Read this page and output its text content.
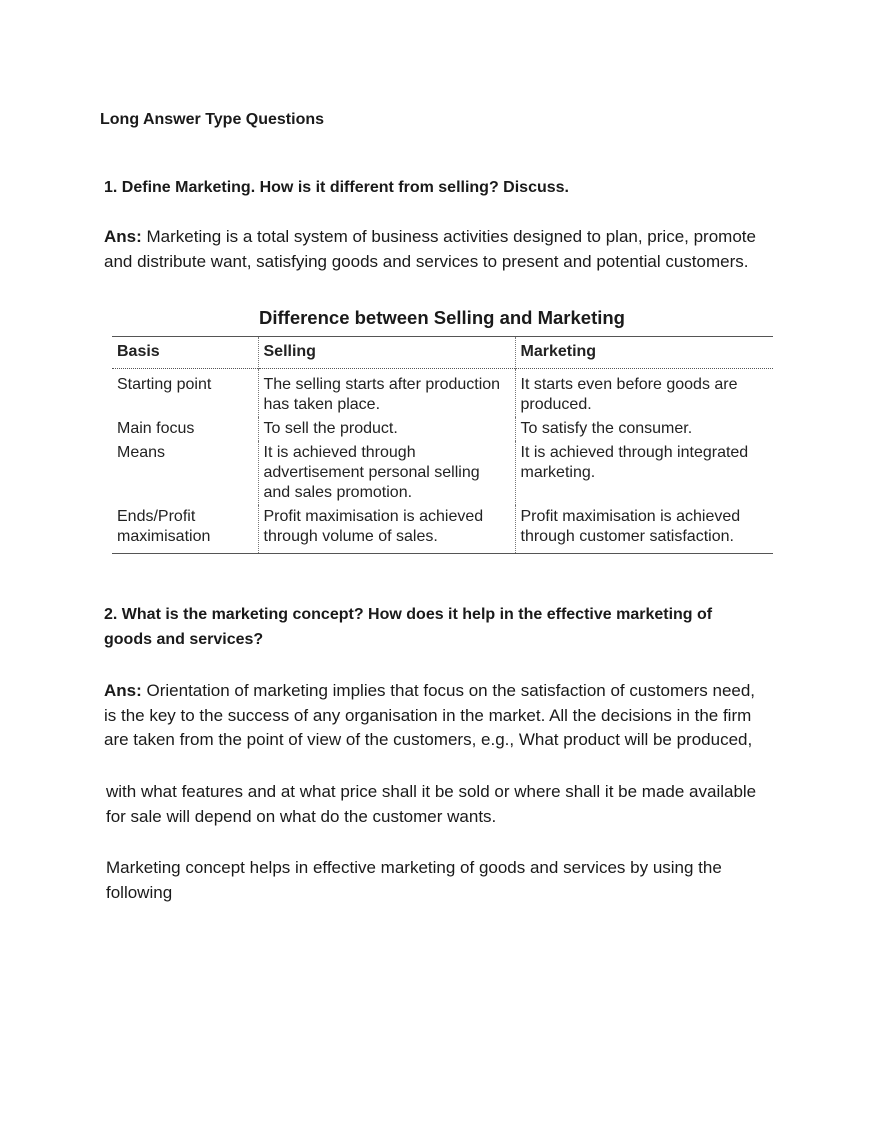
Long Answer Type Questions

1. Define Marketing. How is it different from selling? Discuss.

Ans: Marketing is a total system of business activities designed to plan, price, promote
and distribute want, satisfying goods and services to present and potential customers.

Difference between Selling and Marketing

Basis	Selling	Marketing
Starting point	The selling starts after production has taken place.	It starts even before goods are produced.
Main focus	To sell the product.	To satisfy the consumer.
Means	It is achieved through advertisement personal selling and sales promotion.	It is achieved through integrated marketing.
Ends/Profit maximisation	Profit maximisation is achieved through volume of sales.	Profit maximisation is achieved through customer satisfaction.

2. What is the marketing concept? How does it help in the effective marketing of
goods and services?

Ans: Orientation of marketing implies that focus on the satisfaction of customers need,
is the key to the success of any organisation in the market. All the decisions in the firm
are taken from the point of view of the customers, e.g., What product will be produced,

with what features and at what price shall it be sold or where shall it be made available
for sale will depend on what do the customer wants.

Marketing concept helps in effective marketing of goods and services by using the
following
